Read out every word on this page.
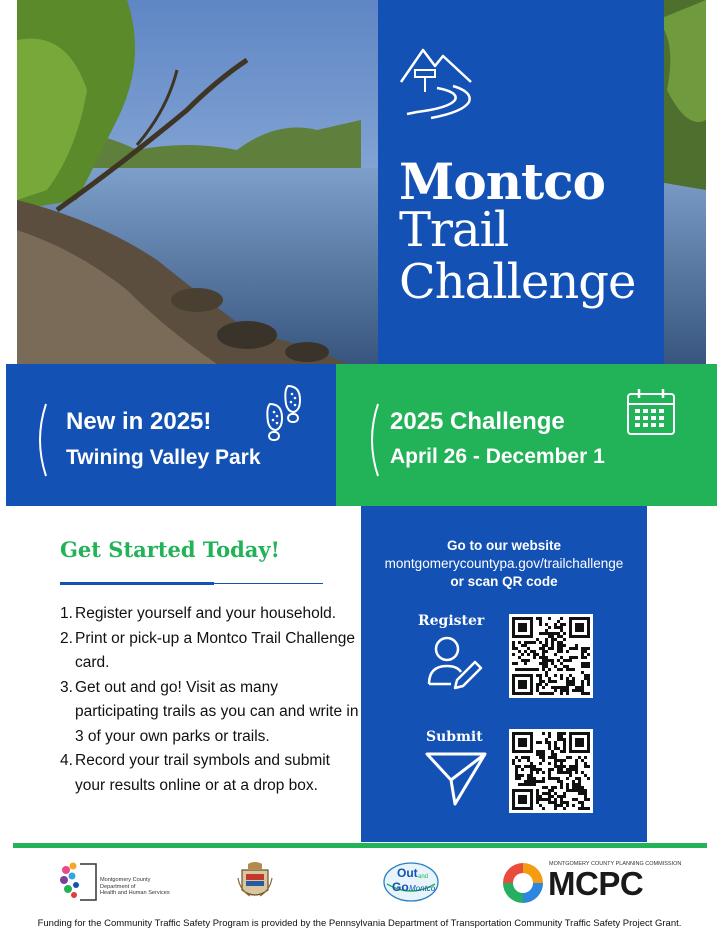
Montco
Trail
Challenge
New in 2025!
Twining Valley Park
2025 Challenge
April 26 - December 1
Get Started Today!
1. Register yourself and your household.
2. Print or pick-up a Montco Trail Challenge card.
3. Get out and go! Visit as many participating trails as you can and write in 3 of your own parks or trails.
4. Record your trail symbols and submit your results online or at a drop box.
Go to our website
montgomerycountypa.gov/trailchallenge
or scan QR code
Register
Submit
Montgomery County
Department of
Health and Human Services
Out and
Go Montco
MONTGOMERY COUNTY PLANNING COMMISSION
MCPC
Funding for the Community Traffic Safety Program is provided by the Pennsylvania Department of Transportation Community Traffic Safety Project Grant.
